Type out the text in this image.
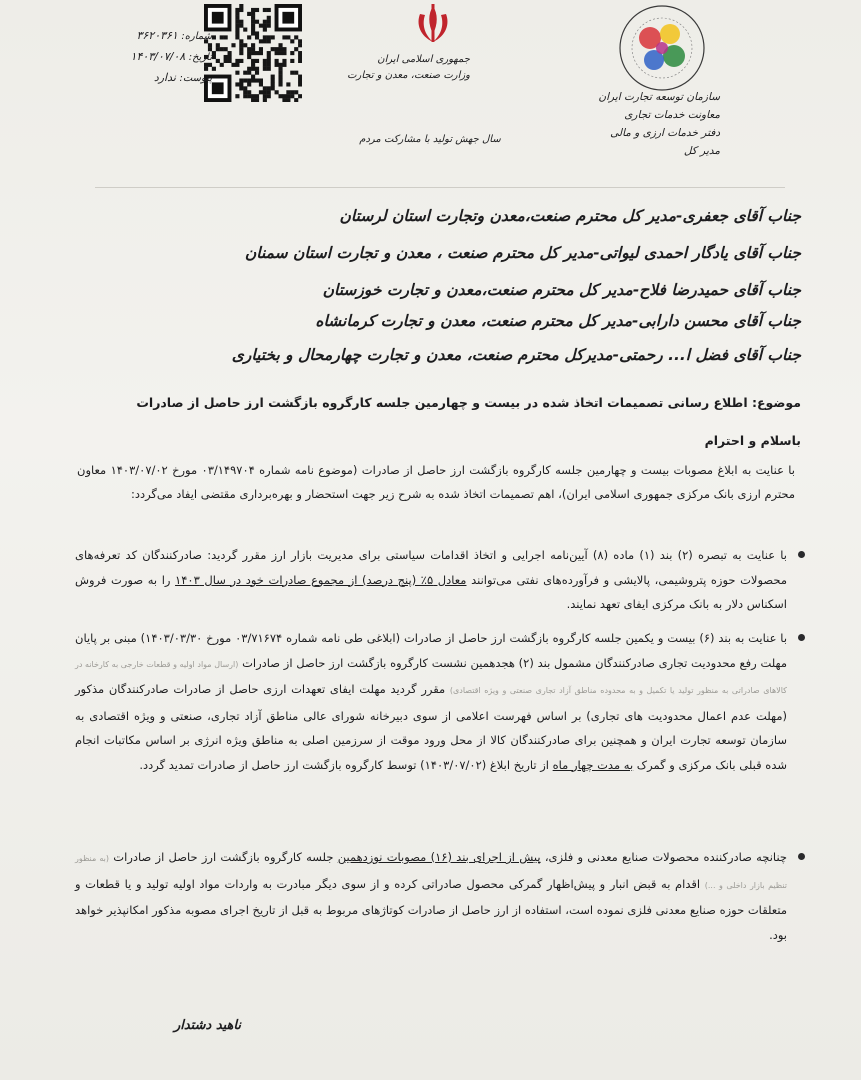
سازمان توسعه تجارت ایران
معاونت خدمات تجاری
دفتر خدمات ارزی و مالی
مدیر کل
جمهوری اسلامی ایران
وزارت صنعت، معدن و تجارت
سال جهش تولید با مشارکت مردم
شماره: ۳۶۲۰۳۶۱
تاریخ: ۱۴۰۳/۰۷/۰۸
پیوست: ندارد
جناب آقای جعفری-مدیر کل محترم صنعت،معدن وتجارت استان لرستان
جناب آقای یادگار احمدی لیواتی-مدیر کل محترم صنعت ، معدن و تجارت استان سمنان
جناب آقای حمیدرضا فلاح-مدیر کل محترم صنعت،معدن و تجارت خوزستان
جناب آقای محسن دارابی-مدیر کل محترم صنعت، معدن و تجارت کرمانشاه
جناب آقای فضل ا... رحمتی-مدیرکل محترم صنعت، معدن و تجارت چهارمحال و بختیاری
موضوع: اطلاع رسانی تصمیمات اتخاذ شده در بیست و چهارمین جلسه کارگروه بازگشت ارز حاصل از صادرات
باسلام و احترام
با عنایت به ابلاغ مصوبات بیست و چهارمین جلسه کارگروه بازگشت ارز حاصل از صادرات (موضوع نامه شماره ۰۳/۱۴۹۷۰۴ مورخ ۱۴۰۳/۰۷/۰۲ معاون محترم ارزی بانک مرکزی جمهوری اسلامی ایران)، اهم تصمیمات اتخاذ شده به شرح زیر جهت استحضار و بهره‌برداری مقتضی ایفاد می‌گردد:
با عنایت به تبصره (۲) بند (۱) ماده (۸) آیین‌نامه اجرایی و اتخاذ اقدامات سیاستی برای مدیریت بازار ارز مقرر گردید: صادرکنندگان کد تعرفه‌های محصولات حوزه پتروشیمی، پالایشی و فرآورده‌های نفتی می‌توانند معادل ۵٪ (پنج درصد) از مجموع صادرات خود در سال ۱۴۰۳ را به صورت فروش اسکناس دلار به بانک مرکزی ایفای تعهد نمایند.
با عنایت به بند (۶) بیست و یکمین جلسه کارگروه بازگشت ارز حاصل از صادرات (ابلاغی طی نامه شماره ۰۳/۷۱۶۷۴ مورخ ۱۴۰۳/۰۳/۳۰) مبنی بر پایان مهلت رفع محدودیت تجاری صادرکنندگان مشمول بند (۲) هجدهمین نشست کارگروه بازگشت ارز حاصل از صادرات (ارسال مواد اولیه و قطعات خارجی به کارخانه در کالاهای صادراتی به منظور تولید یا تکمیل و به محدوده مناطق آزاد تجاری صنعتی و ویژه اقتصادی) مقرر گردید مهلت ایفای تعهدات ارزی حاصل از صادرات صادرکنندگان مذکور (مهلت عدم اعمال محدودیت های تجاری) بر اساس فهرست اعلامی از سوی دبیرخانه شورای عالی مناطق آزاد تجاری، صنعتی و ویژه اقتصادی به سازمان توسعه تجارت ایران و همچنین برای صادرکنندگان کالا از محل ورود موقت از سرزمین اصلی به مناطق ویژه انرژی بر اساس مکاتبات انجام شده قبلی بانک مرکزی و گمرک به مدت چهار ماه از تاریخ ابلاغ (۱۴۰۳/۰۷/۰۲) توسط کارگروه بازگشت ارز حاصل از صادرات تمدید گردد.
چنانچه صادرکننده محصولات صنایع معدنی و فلزی، پیش از اجرای بند (۱۶) مصوبات نوزدهمین جلسه کارگروه بازگشت ارز حاصل از صادرات (به منظور تنظیم بازار داخلی و ...) اقدام به قبض انبار و پیش‌اظهار گمرکی محصول صادراتی کرده و از سوی دیگر مبادرت به واردات مواد اولیه تولید و یا قطعات و متعلقات حوزه صنایع معدنی فلزی نموده است، استفاده از ارز حاصل از صادرات کوتاژهای مربوط به قبل از تاریخ اجرای مصوبه مذکور امکانپذیر خواهد بود.
ناهید دشتدار
